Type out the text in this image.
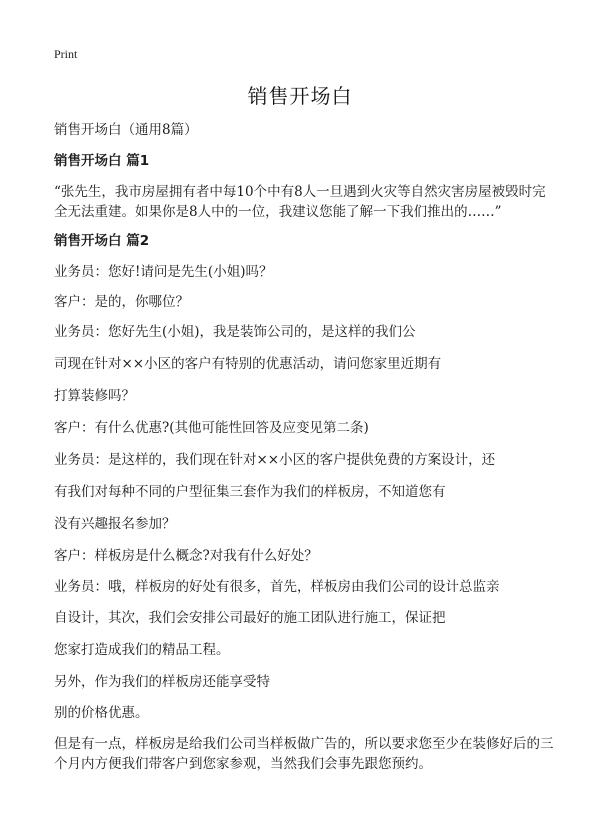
Print
销售开场白
销售开场白（通用8篇）
销售开场白 篇1
“张先生，我市房屋拥有者中每10个中有8人一旦遇到火灾等自然灾害房屋被毁时完全无法重建。如果你是8人中的一位，我建议您能了解一下我们推出的……”
销售开场白 篇2
业务员：您好!请问是先生(小姐)吗？
客户：是的，你哪位？
业务员：您好先生(小姐)，我是装饰公司的，是这样的我们公
司现在针对××小区的客户有特别的优惠活动，请问您家里近期有
打算装修吗？
客户：有什么优惠?(其他可能性回答及应变见第二条)
业务员：是这样的，我们现在针对××小区的客户提供免费的方案设计，还
有我们对每种不同的户型征集三套作为我们的样板房，不知道您有
没有兴趣报名参加？
客户：样板房是什么概念?对我有什么好处？
业务员：哦，样板房的好处有很多，首先，样板房由我们公司的设计总监亲
自设计，其次，我们会安排公司最好的施工团队进行施工，保证把
您家打造成我们的精品工程。
另外，作为我们的样板房还能享受特
别的价格优惠。
但是有一点，样板房是给我们公司当样板做广告的，所以要求您至少在装修好后的三个月内方便我们带客户到您家参观，当然我们会事先跟您预约。
